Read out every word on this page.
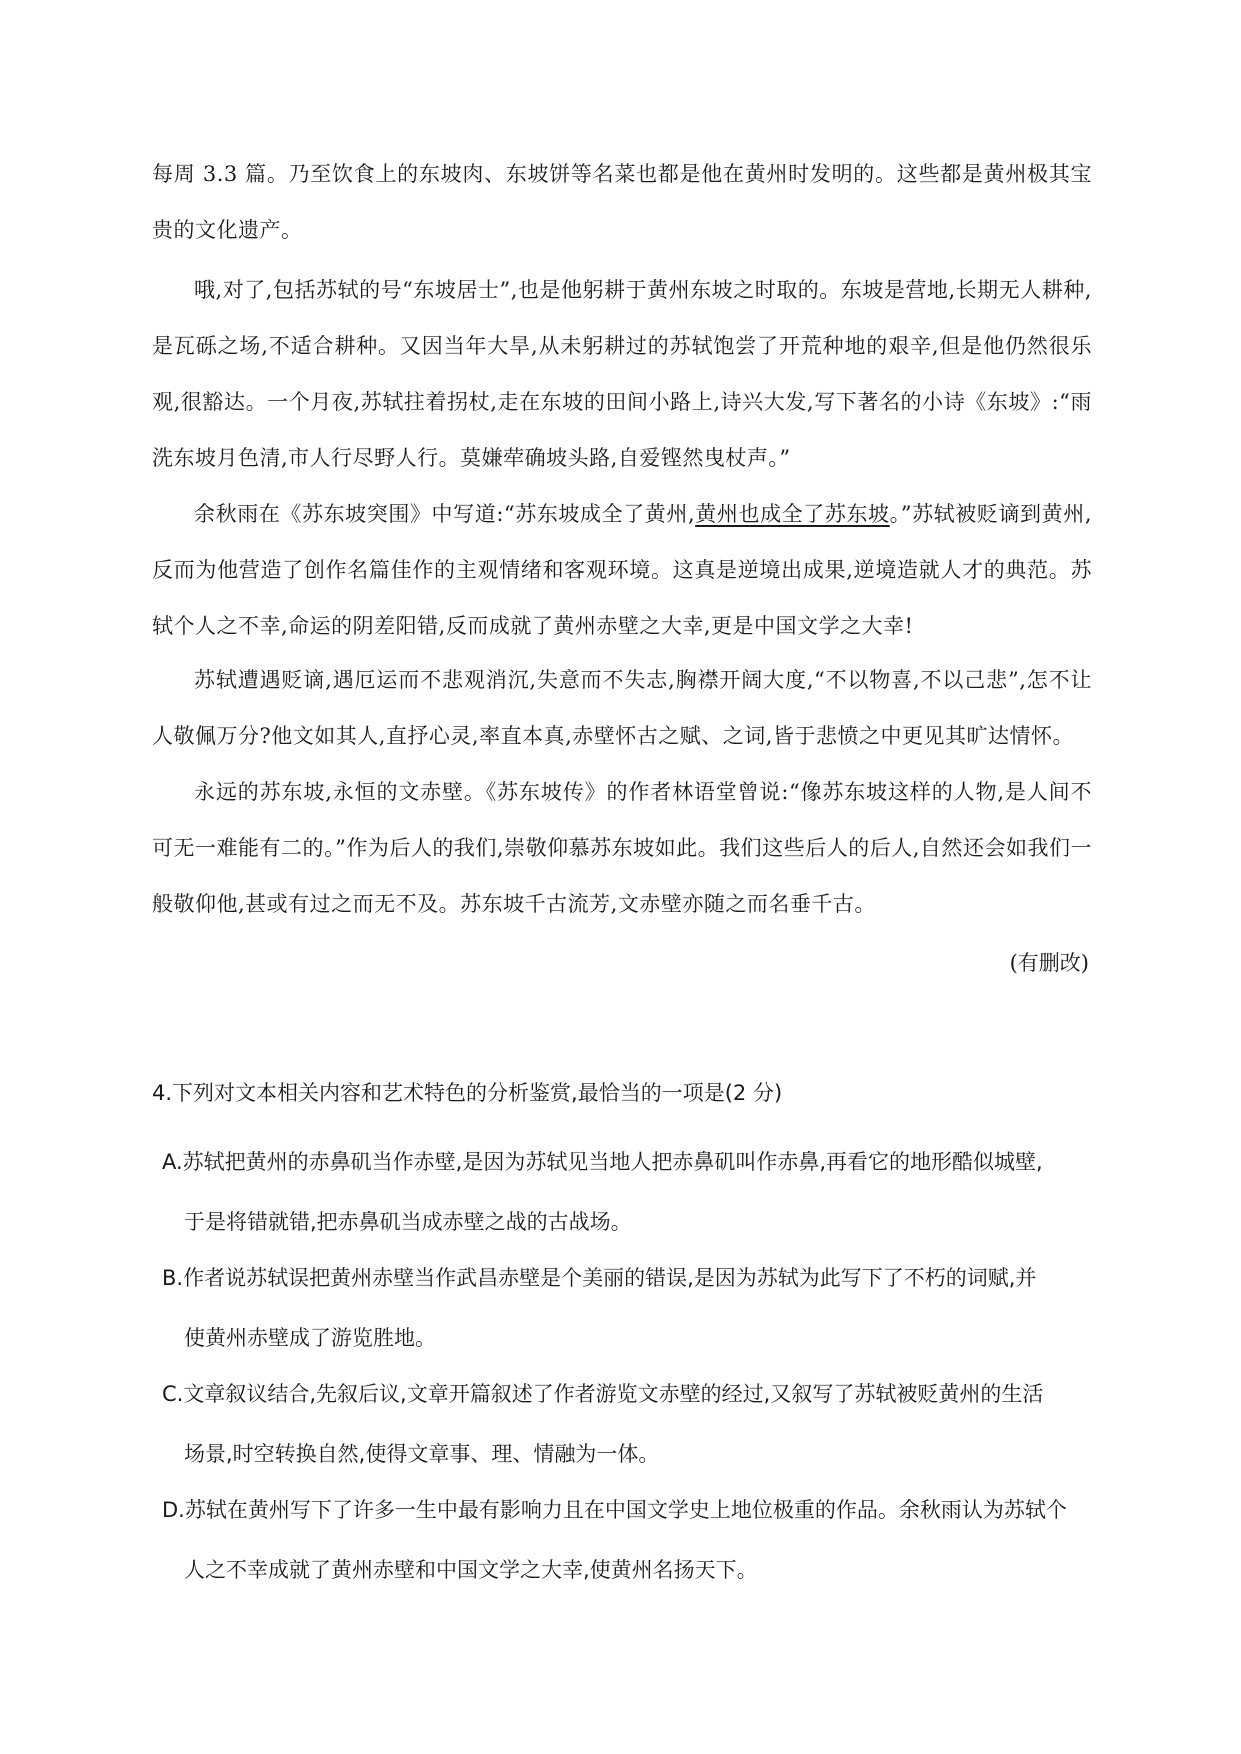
每周 3.3 篇。乃至饮食上的东坡肉、东坡饼等名菜也都是他在黄州时发明的。这些都是黄州极其宝贵的文化遗产。

哦,对了,包括苏轼的号“东坡居士”,也是他躬耕于黄州东坡之时取的。东坡是营地,长期无人耕种,是瓦砾之场,不适合耕种。又因当年大旱,从未躬耕过的苏轼饱尝了开荒种地的艰辛,但是他仍然很乐观,很豁达。一个月夜,苏轼拄着拐杖,走在东坡的田间小路上,诗兴大发,写下著名的小诗《东坡》:“雨洗东坡月色清,市人行尽野人行。莫嫌荦确坡头路,自爱铿然曳杖声。”

余秋雨在《苏东坡突围》中写道:“苏东坡成全了黄州,黄州也成全了苏东坡。”苏轼被贬谪到黄州,反而为他营造了创作名篇佳作的主观情绪和客观环境。这真是逆境出成果,逆境造就人才的典范。苏轼个人之不幸,命运的阴差阳错,反而成就了黄州赤壁之大幸,更是中国文学之大幸!

苏轼遭遇贬谪,遇厄运而不悲观消沉,失意而不失志,胸襟开阔大度,“不以物喜,不以己悲”,怎不让人敬佩万分?他文如其人,直抒心灵,率直本真,赤壁怀古之赋、之词,皆于悲愤之中更见其旷达情怀。

永远的苏东坡,永恒的文赤壁。《苏东坡传》的作者林语堂曾说:“像苏东坡这样的人物,是人间不可无一难能有二的。”作为后人的我们,崇敬仰慕苏东坡如此。我们这些后人的后人,自然还会如我们一般敬仰他,甚或有过之而无不及。苏东坡千古流芳,文赤壁亦随之而名垂千古。

(有删改)

4.下列对文本相关内容和艺术特色的分析鉴赏,最恰当的一项是(2 分)

A.苏轼把黄州的赤鼻矶当作赤壁,是因为苏轼见当地人把赤鼻矶叫作赤鼻,再看它的地形酷似城壁,
于是将错就错,把赤鼻矶当成赤壁之战的古战场。
B.作者说苏轼误把黄州赤壁当作武昌赤壁是个美丽的错误,是因为苏轼为此写下了不朽的词赋,并
使黄州赤壁成了游览胜地。
C.文章叙议结合,先叙后议,文章开篇叙述了作者游览文赤壁的经过,又叙写了苏轼被贬黄州的生活
场景,时空转换自然,使得文章事、理、情融为一体。
D.苏轼在黄州写下了许多一生中最有影响力且在中国文学史上地位极重的作品。余秋雨认为苏轼个
人之不幸成就了黄州赤壁和中国文学之大幸,使黄州名扬天下。
